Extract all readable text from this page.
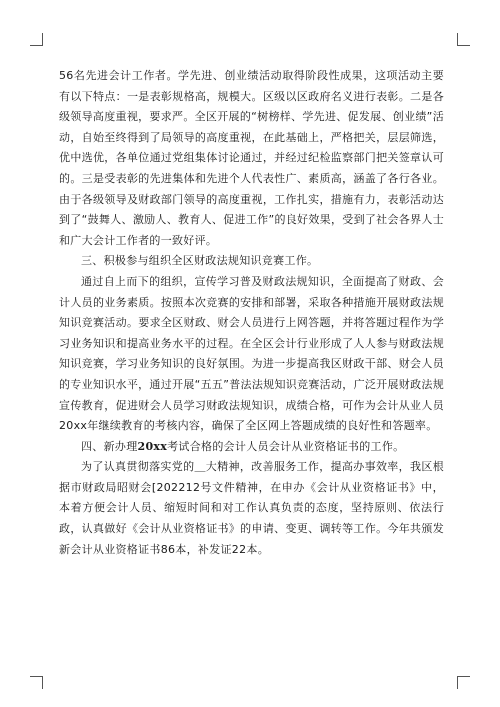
56名先进会计工作者。学先进、创业绩活动取得阶段性成果，这项活动主要有以下特点：一是表彰规格高，规模大。区级以区政府名义进行表彰。二是各级领导高度重视，要求严。全区开展的“树榜样、学先进、促发展、创业绩”活动，自始至终得到了局领导的高度重视，在此基础上，严格把关，层层筛选，优中选优，各单位通过党组集体讨论通过，并经过纪检监察部门把关签章认可的。三是受表彰的先进集体和先进个人代表性广、素质高，涵盖了各行各业。由于各级领导及财政部门领导的高度重视，工作扎实，措施有力，表彰活动达到了“鼓舞人、激励人、教育人、促进工作”的良好效果，受到了社会各界人士和广大会计工作者的一致好评。

三、积极参与组织全区财政法规知识竞赛工作。

通过自上而下的组织，宣传学习普及财政法规知识，全面提高了财政、会计人员的业务素质。按照本次竞赛的安排和部署，采取各种措施开展财政法规知识竞赛活动。要求全区财政、财会人员进行上网答题，并将答题过程作为学习业务知识和提高业务水平的过程。在全区会计行业形成了人人参与财政法规知识竞赛，学习业务知识的良好氛围。为进一步提高我区财政干部、财会人员的专业知识水平，通过开展“五五”普法法规知识竞赛活动，广泛开展财政法规宣传教育，促进财会人员学习财政法规知识，成绩合格，可作为会计从业人员20xx年继续教育的考核内容，确保了全区网上答题成绩的良好性和答题率。

四、新办理20xx考试合格的会计人员会计从业资格证书的工作。

为了认真贯彻落实党的＿大精神，改善服务工作，提高办事效率，我区根据市财政局昭财会[202212号文件精神，在申办《会计从业资格证书》中，本着方便会计人员、缩短时间和对工作认真负责的态度，坚持原则、依法行政，认真做好《会计从业资格证书》的申请、变更、调转等工作。今年共颁发新会计从业资格证书86本，补发证22本。
